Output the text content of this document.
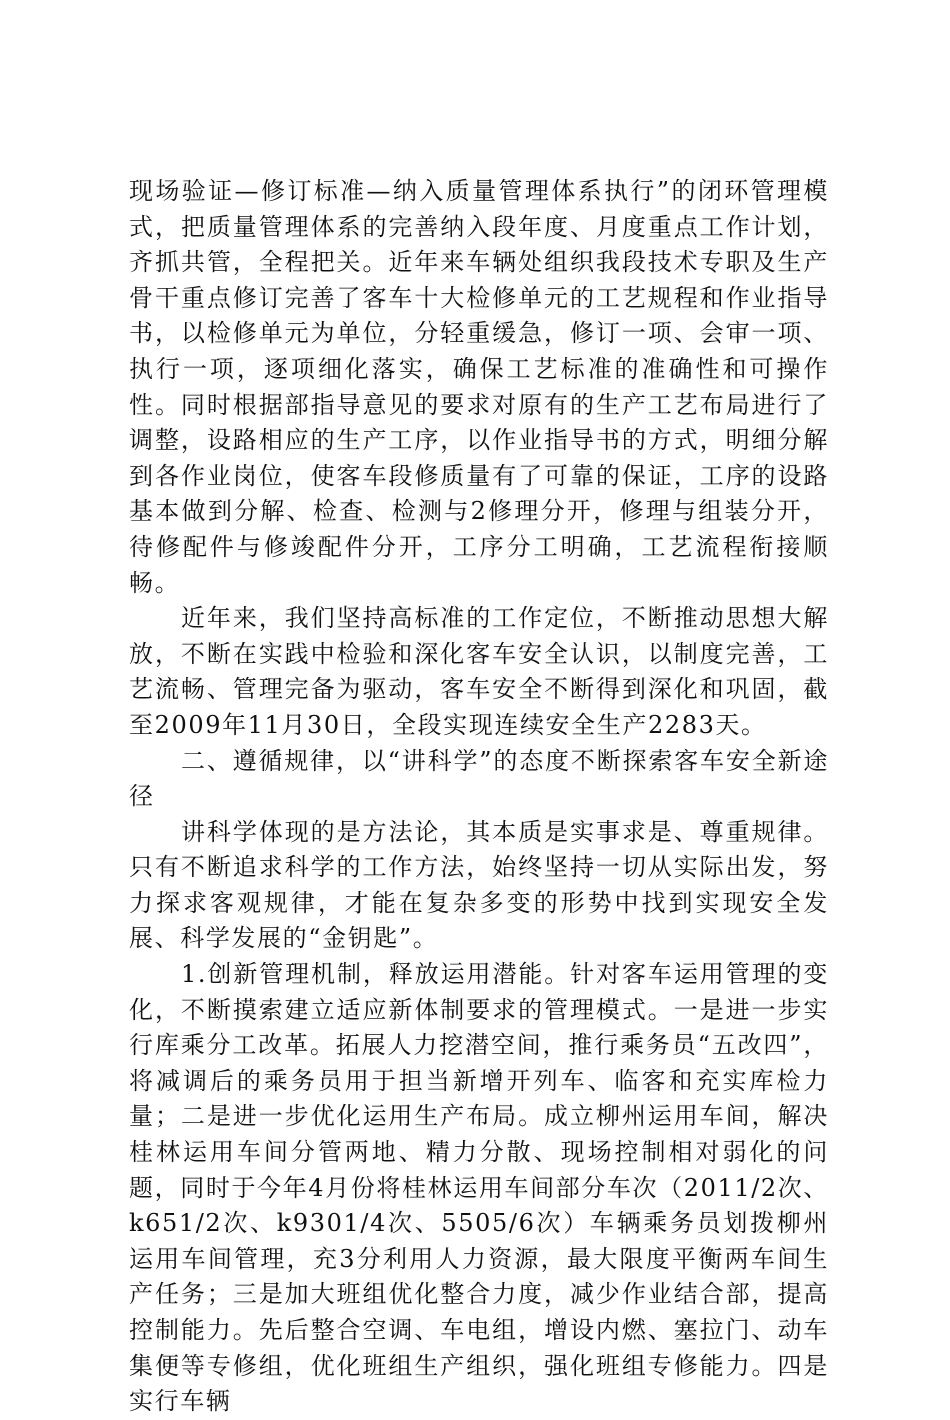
现场验证—修订标准—纳入质量管理体系执行”的闭环管理模式，把质量管理体系的完善纳入段年度、月度重点工作计划，齐抓共管，全程把关。近年来车辆处组织我段技术专职及生产骨干重点修订完善了客车十大检修单元的工艺规程和作业指导书，以检修单元为单位，分轻重缓急，修订一项、会审一项、执行一项，逐项细化落实，确保工艺标准的准确性和可操作性。同时根据部指导意见的要求对原有的生产工艺布局进行了调整，设路相应的生产工序，以作业指导书的方式，明细分解到各作业岗位，使客车段修质量有了可靠的保证，工序的设路基本做到分解、检查、检测与2修理分开，修理与组装分开，待修配件与修竣配件分开，工序分工明确，工艺流程衔接顺畅。

近年来，我们坚持高标准的工作定位，不断推动思想大解放，不断在实践中检验和深化客车安全认识，以制度完善，工艺流畅、管理完备为驱动，客车安全不断得到深化和巩固，截至2009年11月30日，全段实现连续安全生产2283天。

二、遵循规律，以“讲科学”的态度不断探索客车安全新途径

讲科学体现的是方法论，其本质是实事求是、尊重规律。只有不断追求科学的工作方法，始终坚持一切从实际出发，努力探求客观规律，才能在复杂多变的形势中找到实现安全发展、科学发展的“金钥匙”。

1.创新管理机制，释放运用潜能。针对客车运用管理的变化，不断摸索建立适应新体制要求的管理模式。一是进一步实行库乘分工改革。拓展人力挖潜空间，推行乘务员“五改四”，将减调后的乘务员用于担当新增开列车、临客和充实库检力量；二是进一步优化运用生产布局。成立柳州运用车间，解决桂林运用车间分管两地、精力分散、现场控制相对弱化的问题，同时于今年4月份将桂林运用车间部分车次（2011/2次、k651/2次、k9301/4次、5505/6次）车辆乘务员划拨柳州运用车间管理，充3分利用人力资源，最大限度平衡两车间生产任务；三是加大班组优化整合力度，减少作业结合部，提高控制能力。先后整合空调、车电组，增设内燃、塞拉门、动车集便等专修组，优化班组生产组织，强化班组专修能力。四是实行车辆
